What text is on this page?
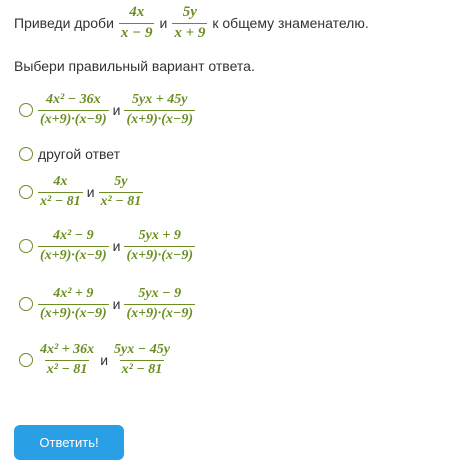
Приведи дроби $\frac{4x}{x - 9}$ и $\frac{5y}{x + 9}$ к общему знаменателю.
Выбери правильный вариант ответа.
$\frac{\text{4x² − 36x}}{(x+9)\cdot(x-9)}$ и $\frac{5yx + 45y}{(x+9)\cdot(x-9)}$
другой ответ
$\frac{4x}{\text{x² − 81}}$ и $\frac{5y}{\text{x² − 81}}$
$\frac{\text{4x² − 9}}{(x+9)\cdot(x-9)}$ и $\frac{5yx + 9}{(x+9)\cdot(x-9)}$
$\frac{\text{4x² + 9}}{(x+9)\cdot(x-9)}$ и $\frac{5yx - 9}{(x+9)\cdot(x-9)}$
$\frac{\text{4x² + 36x}}{\text{x² − 81}}$ и $\frac{5yx - 45y}{\text{x² − 81}}$
Ответить!
